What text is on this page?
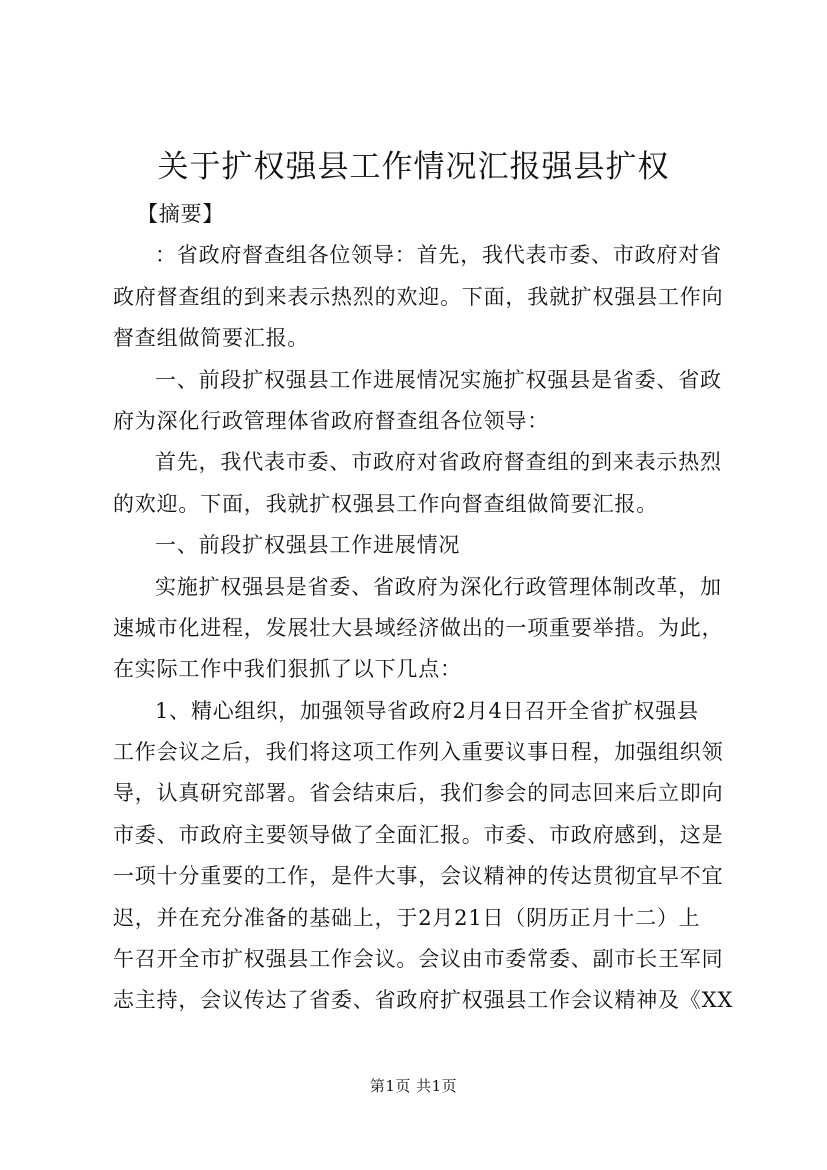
关于扩权强县工作情况汇报强县扩权

【摘要】

：省政府督查组各位领导：首先，我代表市委、市政府对省

政府督查组的到来表示热烈的欢迎。下面，我就扩权强县工作向

督查组做简要汇报。

一、前段扩权强县工作进展情况实施扩权强县是省委、省政

府为深化行政管理体省政府督查组各位领导：

首先，我代表市委、市政府对省政府督查组的到来表示热烈

的欢迎。下面，我就扩权强县工作向督查组做简要汇报。

一、前段扩权强县工作进展情况

实施扩权强县是省委、省政府为深化行政管理体制改革，加

速城市化进程，发展壮大县域经济做出的一项重要举措。为此，

在实际工作中我们狠抓了以下几点：

1、精心组织，加强领导省政府2月4日召开全省扩权强县

工作会议之后，我们将这项工作列入重要议事日程，加强组织领

导，认真研究部署。省会结束后，我们参会的同志回来后立即向

市委、市政府主要领导做了全面汇报。市委、市政府感到，这是

一项十分重要的工作，是件大事，会议精神的传达贯彻宜早不宜

迟，并在充分准备的基础上，于2月21日（阴历正月十二）上

午召开全市扩权强县工作会议。会议由市委常委、副市长王军同

志主持，会议传达了省委、省政府扩权强县工作会议精神及《XX

第1页 共1页
